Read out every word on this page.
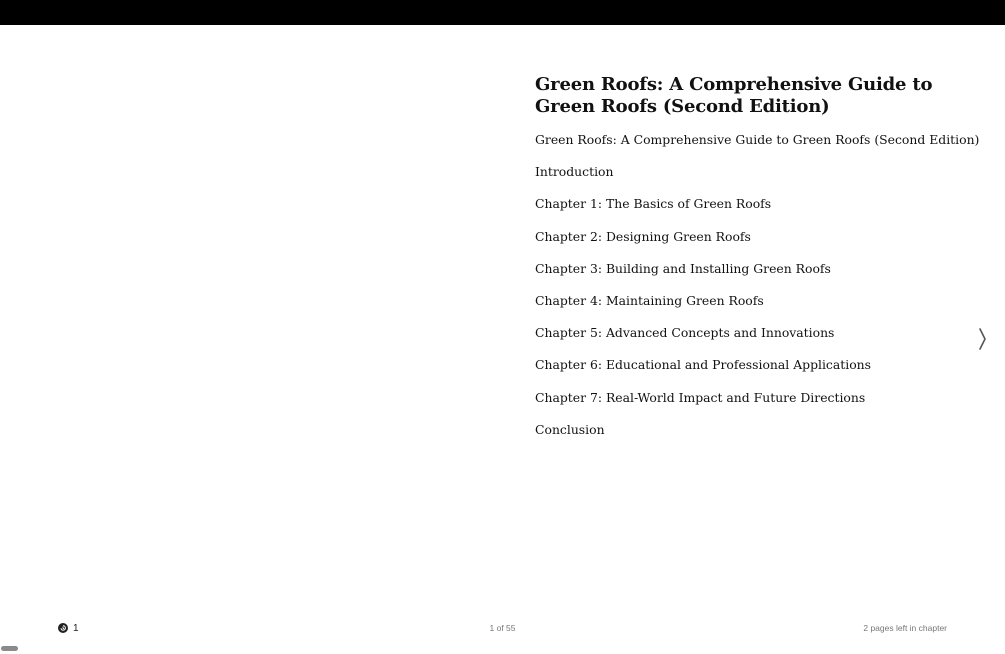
Green Roofs: A Comprehensive Guide to Green Roofs (Second Edition)
Green Roofs: A Comprehensive Guide to Green Roofs (Second Edition)
Introduction
Chapter 1: The Basics of Green Roofs
Chapter 2: Designing Green Roofs
Chapter 3: Building and Installing Green Roofs
Chapter 4: Maintaining Green Roofs
Chapter 5: Advanced Concepts and Innovations
Chapter 6: Educational and Professional Applications
Chapter 7: Real-World Impact and Future Directions
Conclusion
1	1 of 55	2 pages left in chapter
